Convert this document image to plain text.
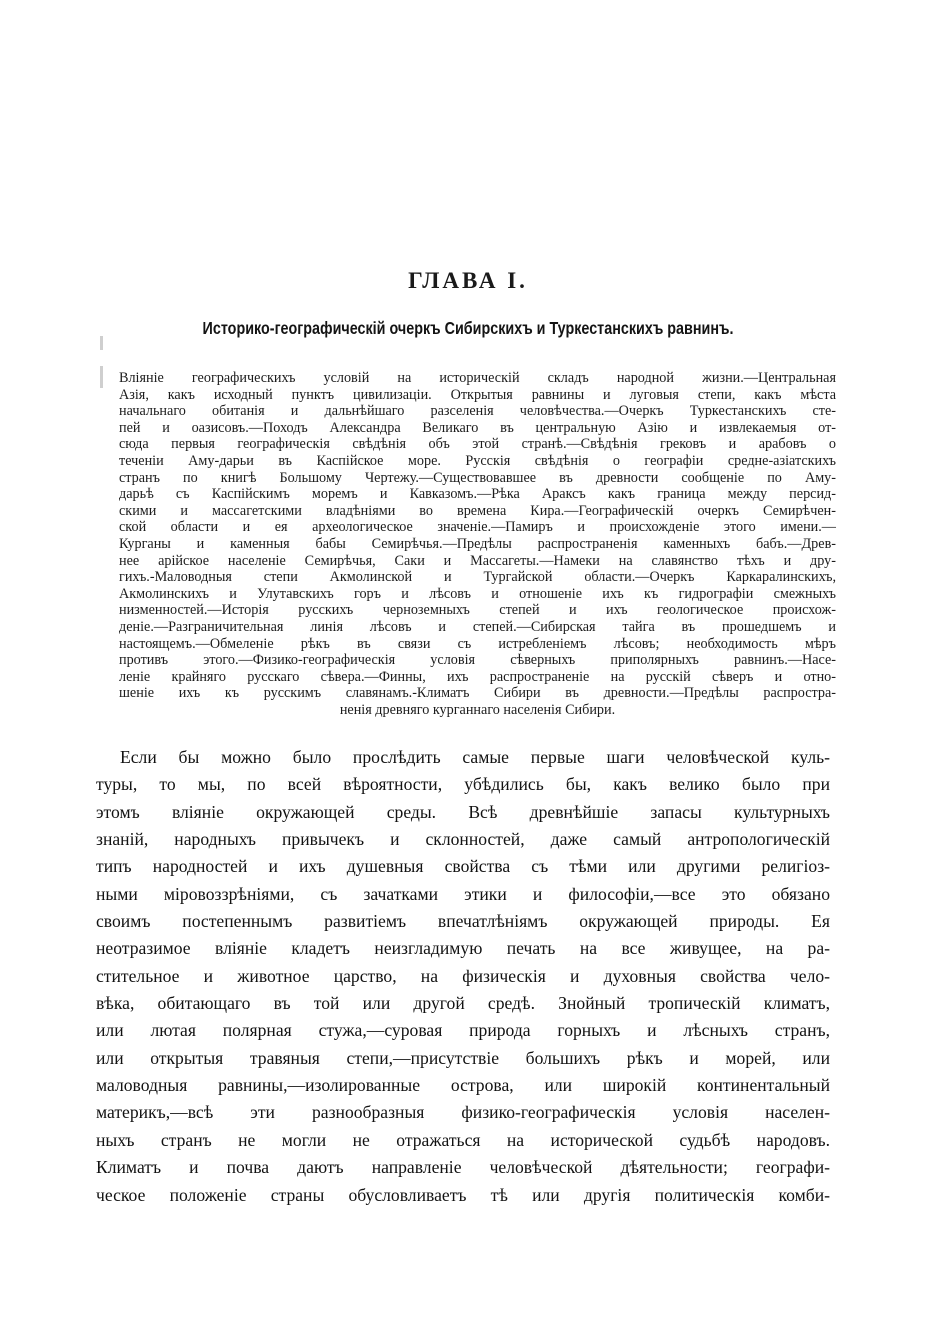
ГЛАВА I.
Историко-географическій очеркъ Сибирскихъ и Туркестанскихъ равнинъ.
Вліяніе географическихъ условій на историческій складъ народной жизни.—Центральная
Азія, какъ исходный пунктъ цивилизаціи. Открытыя равнины и луговыя степи, какъ мѣста
начальнаго обитанія и дальнѣйшаго разселенія человѣчества.—Очеркъ Туркестанскихъ сте-
пей и оазисовъ.—Походъ Александра Великаго въ центральную Азію и извлекаемыя от-
сюда первыя географическія свѣдѣнія объ этой странѣ.—Свѣдѣнія грековъ и арабовъ о
теченіи Аму-дарьи въ Каспійское море. Русскія свѣдѣнія о географіи средне-азіатскихъ
странъ по книгѣ Большому Чертежу.—Существовавшее въ древности сообщеніе по Аму-
дарьѣ съ Каспійскимъ моремъ и Кавказомъ.—Рѣка Араксъ какъ граница между персид-
скими и массагетскими владѣніями во времена Кира.—Географическій очеркъ Семирѣчен-
ской области и ея археологическое значеніе.—Памиръ и происхожденіе этого имени.—
Курганы и каменныя бабы Семирѣчья.—Предѣлы распространенія каменныхъ бабъ.—Древ-
нее арійское населеніе Семирѣчья, Саки и Массагеты.—Намеки на славянство тѣхъ и дру-
гихъ.-Маловодныя степи Акмолинской и Тургайской области.—Очеркъ Каркаралинскихъ,
Акмолинскихъ и Улутавскихъ горъ и лѣсовъ и отношеніе ихъ къ гидрографіи смежныхъ
низменностей.—Исторія русскихъ черноземныхъ степей и ихъ геологическое происхож-
деніе.—Разграничительная линія лѣсовъ и степей.—Сибирская тайга въ прошедшемъ и
настоящемъ.—Обмеленіе рѣкъ въ связи съ истребленіемъ лѣсовъ; необходимость мѣръ
противъ этого.—Физико-географическія условія сѣверныхъ приполярныхъ равнинъ.—Насе-
леніе крайняго русскаго сѣвера.—Финны, ихъ распространеніе на русскій сѣверъ и отно-
шеніе ихъ къ русскимъ славянамъ.-Климатъ Сибири въ древности.—Предѣлы распростра-
ненія древняго курганнаго населенія Сибири.
Если бы можно было прослѣдить самые первые шаги человѣческой куль-
туры, то мы, по всей вѣроятности, убѣдились бы, какъ велико было при
этомъ вліяніе окружающей среды. Всѣ древнѣйшіе запасы культурныхъ
знаній, народныхъ привычекъ и склонностей, даже самый антропологическій
типъ народностей и ихъ душевныя свойства съ тѣми или другими религіоз-
ными міровоззрѣніями, съ зачатками этики и философіи,—все это обязано
своимъ постепеннымъ развитіемъ впечатлѣніямъ окружающей природы. Ея
неотразимое вліяніе кладетъ неизгладимую печать на все живущее, на ра-
стительное и животное царство, на физическія и духовныя свойства чело-
вѣка, обитающаго въ той или другой средѣ. Знойный тропическій климатъ,
или лютая полярная стужа,—суровая природа горныхъ и лѣсныхъ странъ,
или открытыя травяныя степи,—присутствіе большихъ рѣкъ и морей, или
маловодныя равнины,—изолированные острова, или широкій континентальный
материкъ,—всѣ эти разнообразныя физико-географическія условія населен-
ныхъ странъ не могли не отражаться на исторической судьбѣ народовъ.
Климатъ и почва даютъ направленіе человѣческой дѣятельности; географи-
ческое положеніе страны обусловливаетъ тѣ или другія политическія комби-
